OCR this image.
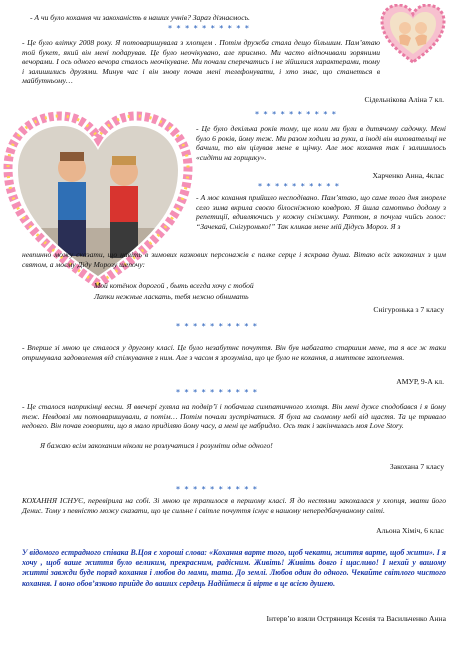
- А чи було кохання чи закоханість в наших учнів? Зараз дізнаємось.

* * * * * * * * * *

- Це було влітку 2008 року. Я потоваришувала з хлопцем . Потім дружба стала дещо більшим. Пам’ятаю той букет, який він мені подарував. Це було неочікувано, але приємно. Ми часто відпочивали зоряними вечорами. І ось одного вечора сталось неочікуване. Ми почали сперечатись і не зійшлися характерами, тому і залишились друзями. Минув час і він знову почав мені телефонувати, і хто знає, що станеться в майбутньому…

Сідельнікова Аліна 7 кл.

* * * * * * * * * *

- Це було декілька років тому, ще коли ми були в дитячому садочку. Мені було 6 років, йому теж. Ми разом ходили за руки, а іноді він виховательці не бачили, то він цілував мене в щічку. Але моє кохання так і залишилось «сидіти на горщику».

Харченко Анна, 4клас

* * * * * * * * * *

- А моє кохання прийшло несподівано. Пам’ятаю, що саме того дня змореле село зима вкрила своєю білосніжною ковдрою. Я йшла самотньо додому з репетиції, вдивляючись у кожну сніжинку. Раптом, я почула чийсь голос: “Зачекай, Снігуронько!” Так кликав мене мій Дідусь Мороз. Я з

невпинно можу сказати, що навіть в зимових казкових персонажів є палке серце і яскрава душа. Вітаю всіх закоханих з цим святом, а моєму Діду Морозу шепочу:

Мой котёнок дорогой , быть всегда хочу с тобой

Лапки нежные ласкать, тебя нежно обнимать

Снігуронька з 7 класу

* * * * * * * * * *

- Вперше зі мною це сталося у другому класі. Це було незабутнє почуття. Він був набагато старшим мене, та я все ж таки отримувала задоволення від спілкування з ним. Але з часом я зрозуміла, що це було не кохання, а миттєве захоплення.

АМУР, 9-А кл.

* * * * * * * * * *

- Це сталося наприкінці весни. Я ввечері гуляла на подвір’ї і побачила симпатичного хлопця. Він мені дуже сподобався і я йому теж. Невдовзі ми потоваришували, а потім… Потім почали зустрічатися. Я була на сьомому небі від щастя. Та це тривало недовго. Він почав говорити, що я мало приділяю йому часу, а мені це набридло. Ось так і закінчилась моя Love Story.

Я бажаю всім закоханим ніколи не розлучатися і розуміти одне одного!

Закохана 7 класу

* * * * * * * * * *

КОХАННЯ ІСНУЄ, перевірила на собі. Зі мною це трапилося в першому класі. Я до нестями закохалася у хлопця, звати його Денис. Тому з певністю можу сказати, що це сильне і світле почуття існує в нашому непередбачуваному світі.

Альона Хіміч, 6 клас

У відомого естрадного співака В.Цоя є хороші слова: «Кохання варте того, щоб чекати, життя варте, щоб жити». І я хочу , щоб ваше життя було великим, прекрасним, радісним. Живіть! Живіть довго і щасливо! І нехай у вашому житті завжди буде поряд кохання і любов до мами, тата. До землі. Любов один до одного. Чекайте світлого чистого кохання. І воно обов’язково прийде до ваших сердець Надійтеся й вірте в це всією душею.

Інтерв’ю взяли Остряниця Ксенія та Васильченко Анна
